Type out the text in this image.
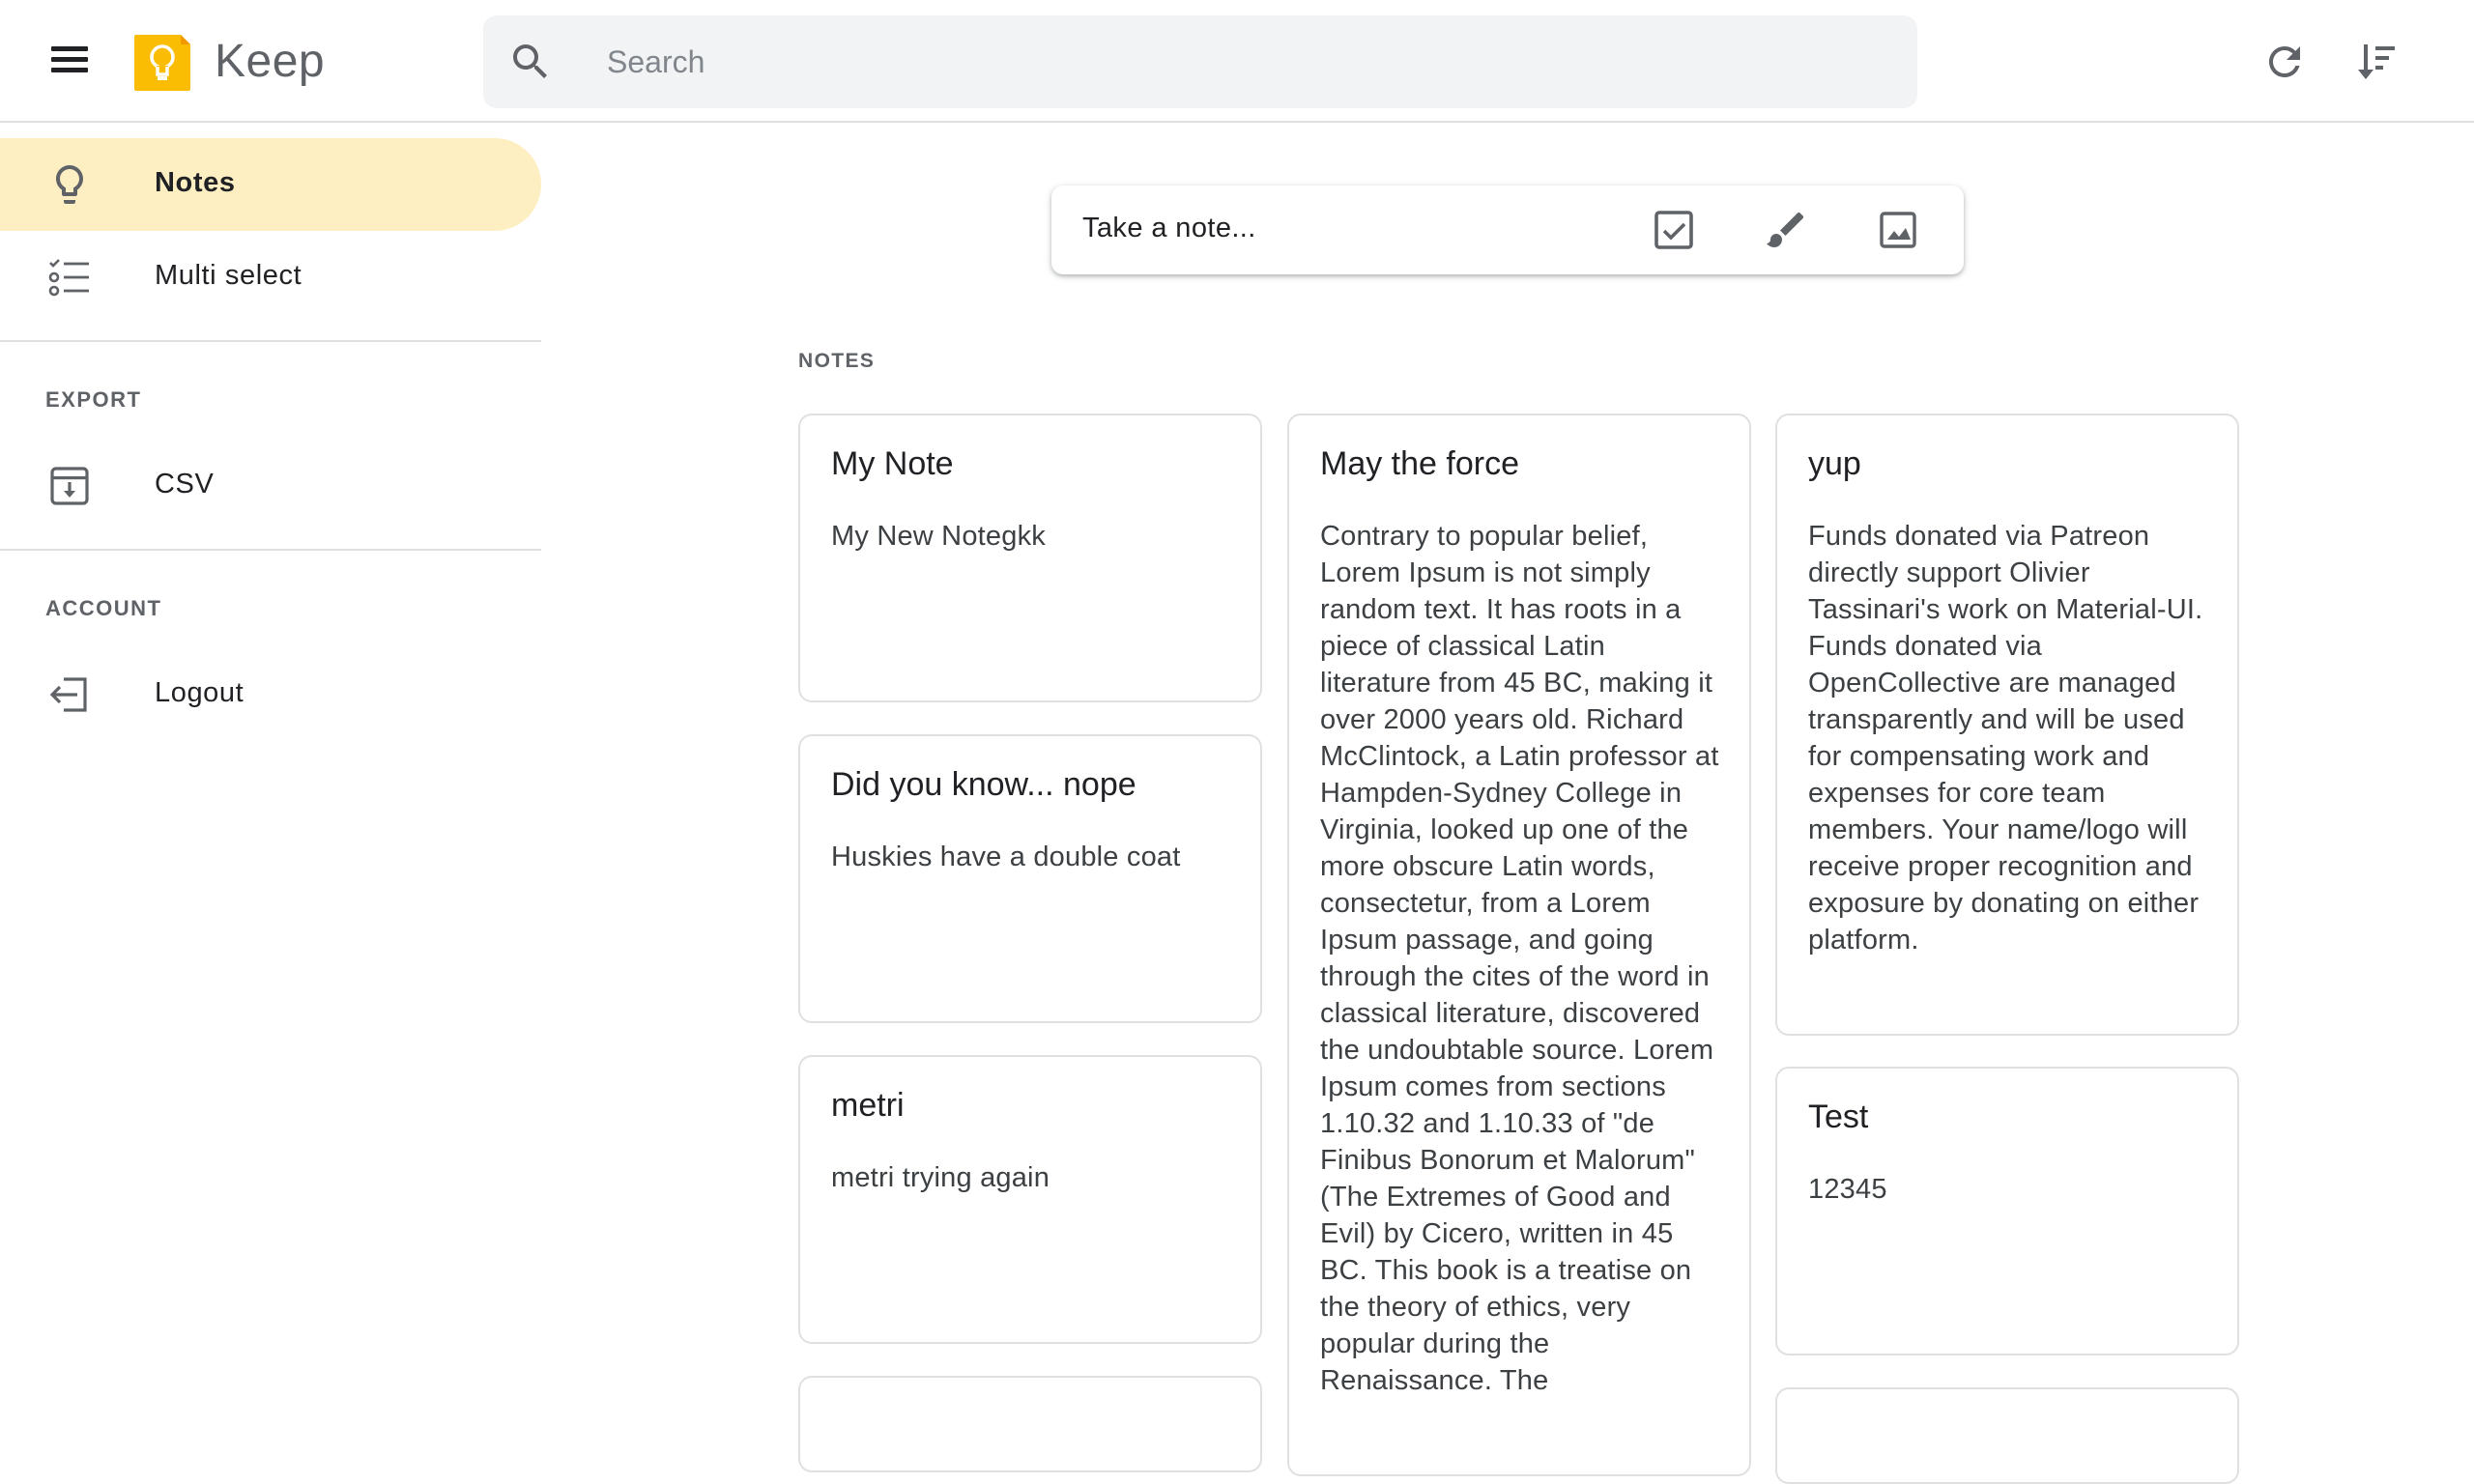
Keep
Search
Notes
Multi select
EXPORT
CSV
ACCOUNT
Logout
Take a note...
NOTES
My Note
My New Notegkk
Did you know... nope
Huskies have a double coat
metri
metri trying again
May the force
Contrary to popular belief, Lorem Ipsum is not simply random text. It has roots in a piece of classical Latin literature from 45 BC, making it over 2000 years old. Richard McClintock, a Latin professor at Hampden-Sydney College in Virginia, looked up one of the more obscure Latin words, consectetur, from a Lorem Ipsum passage, and going through the cites of the word in classical literature, discovered the undoubtable source. Lorem Ipsum comes from sections 1.10.32 and 1.10.33 of "de Finibus Bonorum et Malorum" (The Extremes of Good and Evil) by Cicero, written in 45 BC. This book is a treatise on the theory of ethics, very popular during the Renaissance. The
yup
Funds donated via Patreon directly support Olivier Tassinari's work on Material-UI. Funds donated via OpenCollective are managed transparently and will be used for compensating work and expenses for core team members. Your name/logo will receive proper recognition and exposure by donating on either platform.
Test
12345
